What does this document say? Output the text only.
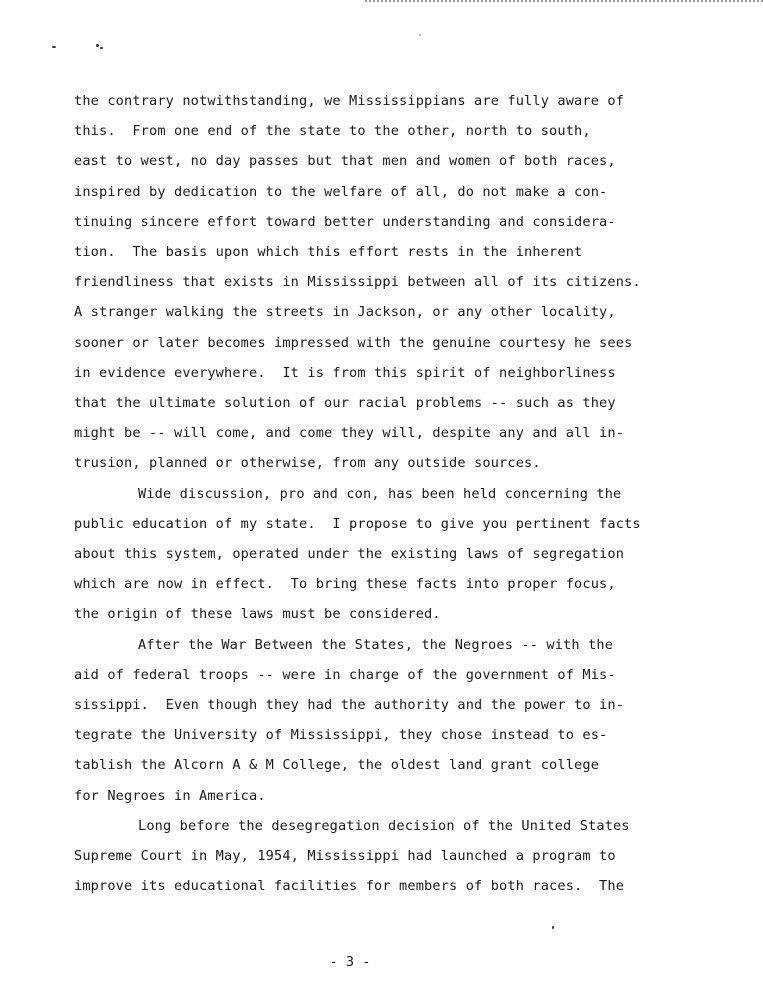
the contrary notwithstanding, we Mississippians are fully aware of
this.  From one end of the state to the other, north to south,
east to west, no day passes but that men and women of both races,
inspired by dedication to the welfare of all, do not make a con-
tinuing sincere effort toward better understanding and considera-
tion.  The basis upon which this effort rests in the inherent
friendliness that exists in Mississippi between all of its citizens.
A stranger walking the streets in Jackson, or any other locality,
sooner or later becomes impressed with the genuine courtesy he sees
in evidence everywhere.  It is from this spirit of neighborliness
that the ultimate solution of our racial problems -- such as they
might be -- will come, and come they will, despite any and all in-
trusion, planned or otherwise, from any outside sources.
Wide discussion, pro and con, has been held concerning the
public education of my state.  I propose to give you pertinent facts
about this system, operated under the existing laws of segregation
which are now in effect.  To bring these facts into proper focus,
the origin of these laws must be considered.
After the War Between the States, the Negroes -- with the
aid of federal troops -- were in charge of the government of Mis-
sissippi.  Even though they had the authority and the power to in-
tegrate the University of Mississippi, they chose instead to es-
tablish the Alcorn A & M College, the oldest land grant college
for Negroes in America.
Long before the desegregation decision of the United States
Supreme Court in May, 1954, Mississippi had launched a program to
improve its educational facilities for members of both races.  The
- 3 -
